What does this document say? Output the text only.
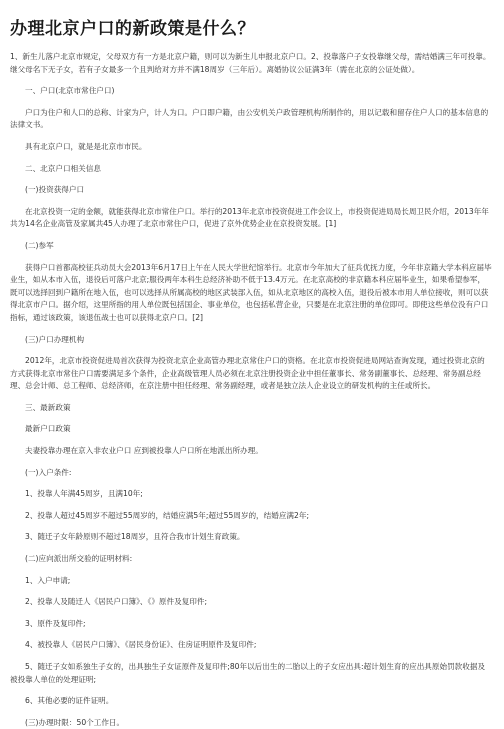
办理北京户口的新政策是什么？

1、新生儿落户北京市规定，父母双方有一方是北京户籍，则可以为新生儿申报北京户口。2、投靠落户子女投靠继父母，需结婚满三年可投靠。继父母名下无子女，若有子女最多一个且判给对方并不满18周岁（三年后）。离婚协议公证满3年（需在北京的公证处做）。

一、户口(北京市常住户口)

户口为住户和人口的总称、计家为户，计人为口。户口即户籍，由公安机关户政管理机构所制作的，用以记载和留存住户人口的基本信息的法律文书。

具有北京户口，就是是北京市市民。

二、北京户口相关信息

(一)投资获得户口

在北京投资一定的金额，就能获得北京市常住户口。举行的2013年北京市投资促进工作会议上，市投资促进局局长周卫民介绍，2013年年共为14名企业高管及家属共45人办理了北京市常住户口，促进了京外优势企业在京投资发展。[1]

(二)参军

获得户口首都高校征兵动员大会2013年6月17日上午在人民大学世纪馆举行。北京市今年加大了征兵优抚力度，今年非京籍大学本科应届毕业生，如从本市入伍，退役后可落户北京;服役两年本科生总经济补助不低于13.4万元。在北京高校的非京籍本科应届毕业生，如果希望参军，既可以选择回到户籍所在地入伍，也可以选择从所属高校的地区武装部入伍，如从北京地区的高校入伍，退役后被本市用人单位接收，则可以获得北京市户口。据介绍，这里所指的用人单位既包括国企、事业单位，也包括私营企业，只要是在北京注册的单位即可。即使这些单位没有户口指标，通过该政策，该退伍战士也可以获得北京户口。[2]

(三)户口办理机构

2012年，北京市投资促进局首次获得为投资北京企业高管办理北京常住户口的资格。在北京市投资促进局网站查询发现，通过投资北京的方式获得北京市常住户口需要满足多个条件，企业高级管理人员必须在北京注册投资企业中担任董事长、常务副董事长、总经理、常务副总经理、总会计师、总工程师、总经济师，在京注册中担任经理、常务副经理，或者是独立法人企业设立的研发机构的主任或所长。

三、最新政策

最新户口政策

夫妻投靠办理在京入非农业户口 应到被投靠人户口所在地派出所办理。

(一)入户条件:

1、投靠人年满45周岁，且满10年;

2、投靠人超过45周岁不超过55周岁的，结婚应满5年;超过55周岁的，结婚应满2年;

3、随迁子女年龄原则不超过18周岁，且符合我市计划生育政策。

(二)应向派出所交验的证明材料:

1、入户申请;

2、投靠人及随迁人《居民户口簿》、《》原件及复印件;

3、原件及复印件;

4、被投靠人《居民户口簿》、《居民身份证》、住房证明原件及复印件;

5、随迁子女如系独生子女的，出具独生子女证原件及复印件;80年以后出生的二胎以上的子女应出具:超计划生育的应出具原始罚款收据及被投靠人单位的处理证明;

6、其他必要的证件证明。

(三)办理时限：50个工作日。
